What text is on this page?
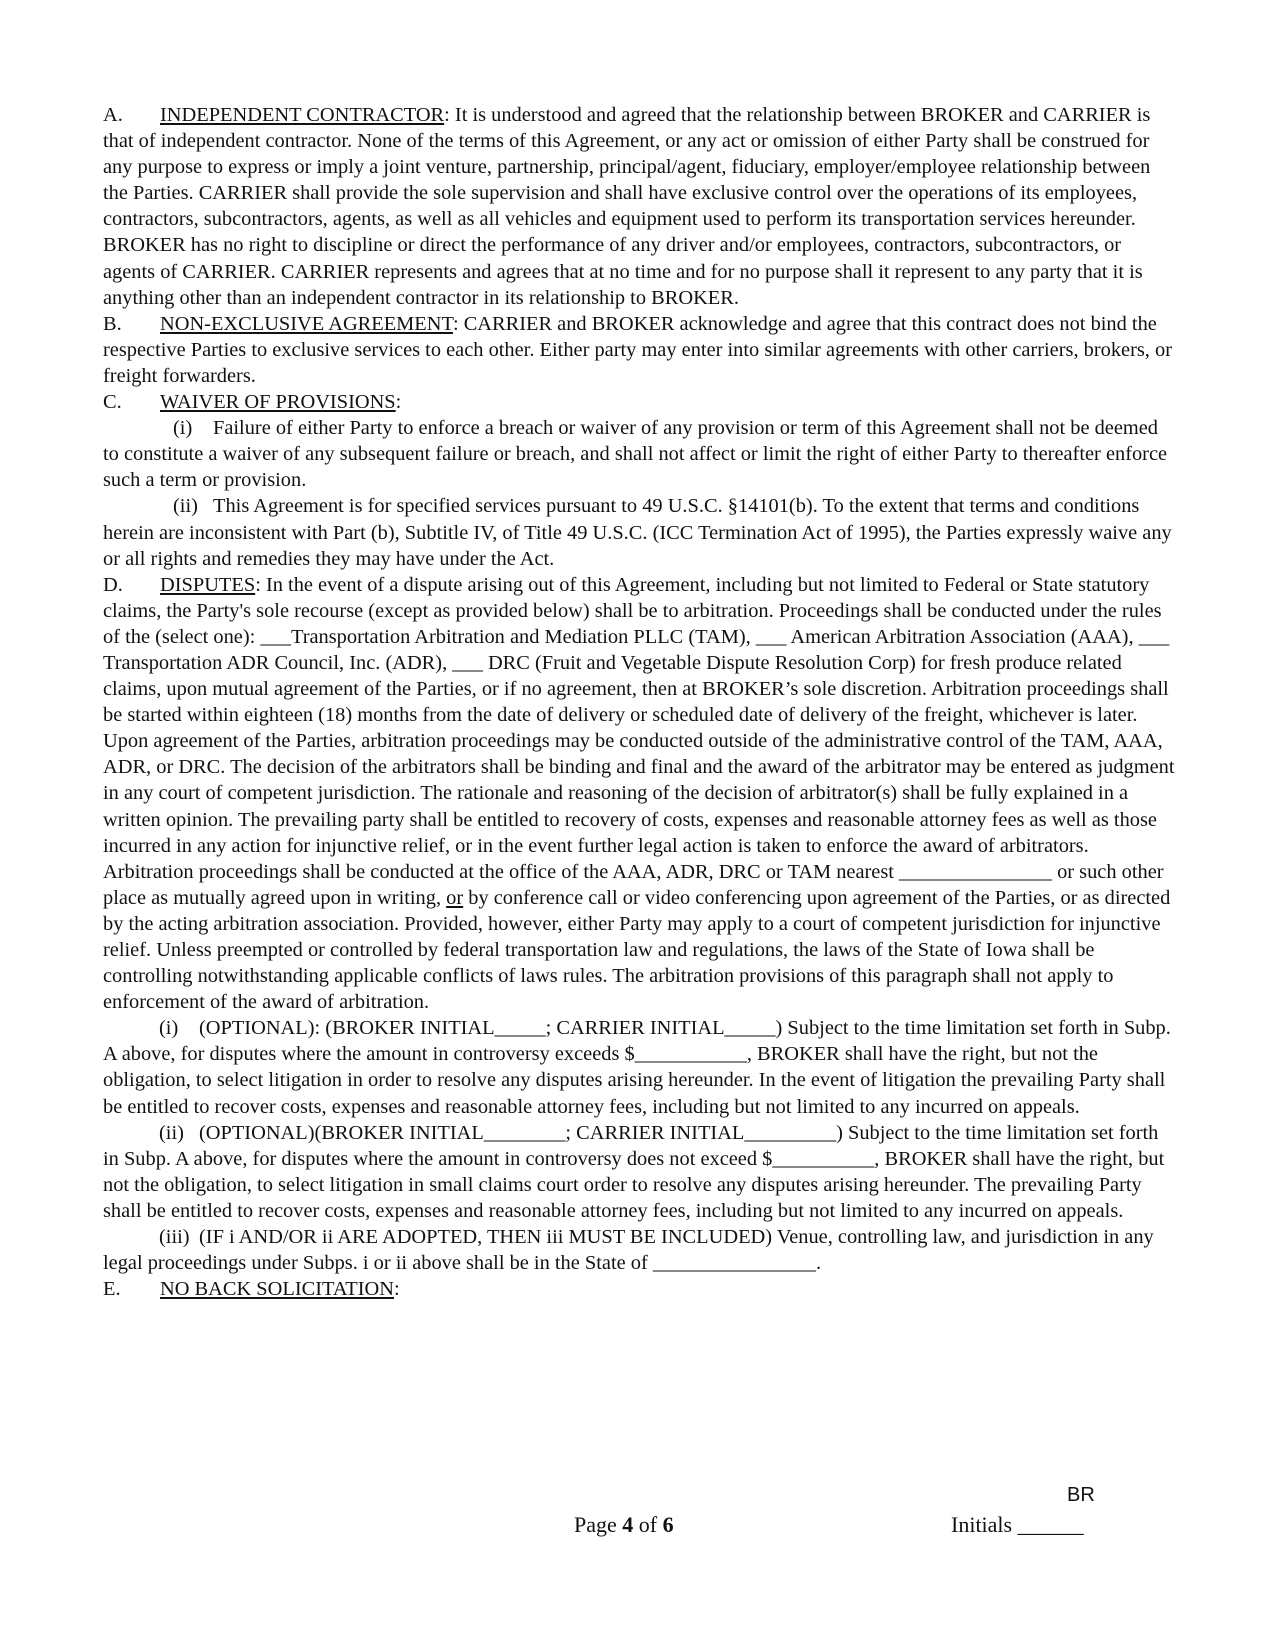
A. INDEPENDENT CONTRACTOR: It is understood and agreed that the relationship between BROKER and CARRIER is that of independent contractor. None of the terms of this Agreement, or any act or omission of either Party shall be construed for any purpose to express or imply a joint venture, partnership, principal/agent, fiduciary, employer/employee relationship between the Parties. CARRIER shall provide the sole supervision and shall have exclusive control over the operations of its employees, contractors, subcontractors, agents, as well as all vehicles and equipment used to perform its transportation services hereunder. BROKER has no right to discipline or direct the performance of any driver and/or employees, contractors, subcontractors, or agents of CARRIER. CARRIER represents and agrees that at no time and for no purpose shall it represent to any party that it is anything other than an independent contractor in its relationship to BROKER.

B. NON-EXCLUSIVE AGREEMENT: CARRIER and BROKER acknowledge and agree that this contract does not bind the respective Parties to exclusive services to each other. Either party may enter into similar agreements with other carriers, brokers, or freight forwarders.

C. WAIVER OF PROVISIONS:

(i) Failure of either Party to enforce a breach or waiver of any provision or term of this Agreement shall not be deemed to constitute a waiver of any subsequent failure or breach, and shall not affect or limit the right of either Party to thereafter enforce such a term or provision.

(ii) This Agreement is for specified services pursuant to 49 U.S.C. §14101(b). To the extent that terms and conditions herein are inconsistent with Part (b), Subtitle IV, of Title 49 U.S.C. (ICC Termination Act of 1995), the Parties expressly waive any or all rights and remedies they may have under the Act.

D. DISPUTES: In the event of a dispute arising out of this Agreement, including but not limited to Federal or State statutory claims, the Party's sole recourse (except as provided below) shall be to arbitration. Proceedings shall be conducted under the rules of the (select one): ___Transportation Arbitration and Mediation PLLC (TAM), ___ American Arbitration Association (AAA), ___ Transportation ADR Council, Inc. (ADR), ___ DRC (Fruit and Vegetable Dispute Resolution Corp) for fresh produce related claims, upon mutual agreement of the Parties, or if no agreement, then at BROKER’s sole discretion. Arbitration proceedings shall be started within eighteen (18) months from the date of delivery or scheduled date of delivery of the freight, whichever is later. Upon agreement of the Parties, arbitration proceedings may be conducted outside of the administrative control of the TAM, AAA, ADR, or DRC. The decision of the arbitrators shall be binding and final and the award of the arbitrator may be entered as judgment in any court of competent jurisdiction. The rationale and reasoning of the decision of arbitrator(s) shall be fully explained in a written opinion. The prevailing party shall be entitled to recovery of costs, expenses and reasonable attorney fees as well as those incurred in any action for injunctive relief, or in the event further legal action is taken to enforce the award of arbitrators. Arbitration proceedings shall be conducted at the office of the AAA, ADR, DRC or TAM nearest _______________ or such other place as mutually agreed upon in writing, or by conference call or video conferencing upon agreement of the Parties, or as directed by the acting arbitration association. Provided, however, either Party may apply to a court of competent jurisdiction for injunctive relief. Unless preempted or controlled by federal transportation law and regulations, the laws of the State of Iowa shall be controlling notwithstanding applicable conflicts of laws rules. The arbitration provisions of this paragraph shall not apply to enforcement of the award of arbitration.

(i) (OPTIONAL): (BROKER INITIAL_____; CARRIER INITIAL_____) Subject to the time limitation set forth in Subp. A above, for disputes where the amount in controversy exceeds $___________, BROKER shall have the right, but not the obligation, to select litigation in order to resolve any disputes arising hereunder. In the event of litigation the prevailing Party shall be entitled to recover costs, expenses and reasonable attorney fees, including but not limited to any incurred on appeals.

(ii) (OPTIONAL)(BROKER INITIAL________; CARRIER INITIAL_________) Subject to the time limitation set forth in Subp. A above, for disputes where the amount in controversy does not exceed $__________, BROKER shall have the right, but not the obligation, to select litigation in small claims court order to resolve any disputes arising hereunder. The prevailing Party shall be entitled to recover costs, expenses and reasonable attorney fees, including but not limited to any incurred on appeals.

(iii) (IF i AND/OR ii ARE ADOPTED, THEN iii MUST BE INCLUDED) Venue, controlling law, and jurisdiction in any legal proceedings under Subps. i or ii above shall be in the State of ________________.

E. NO BACK SOLICITATION:

BR
Page 4 of 6	Initials ______
